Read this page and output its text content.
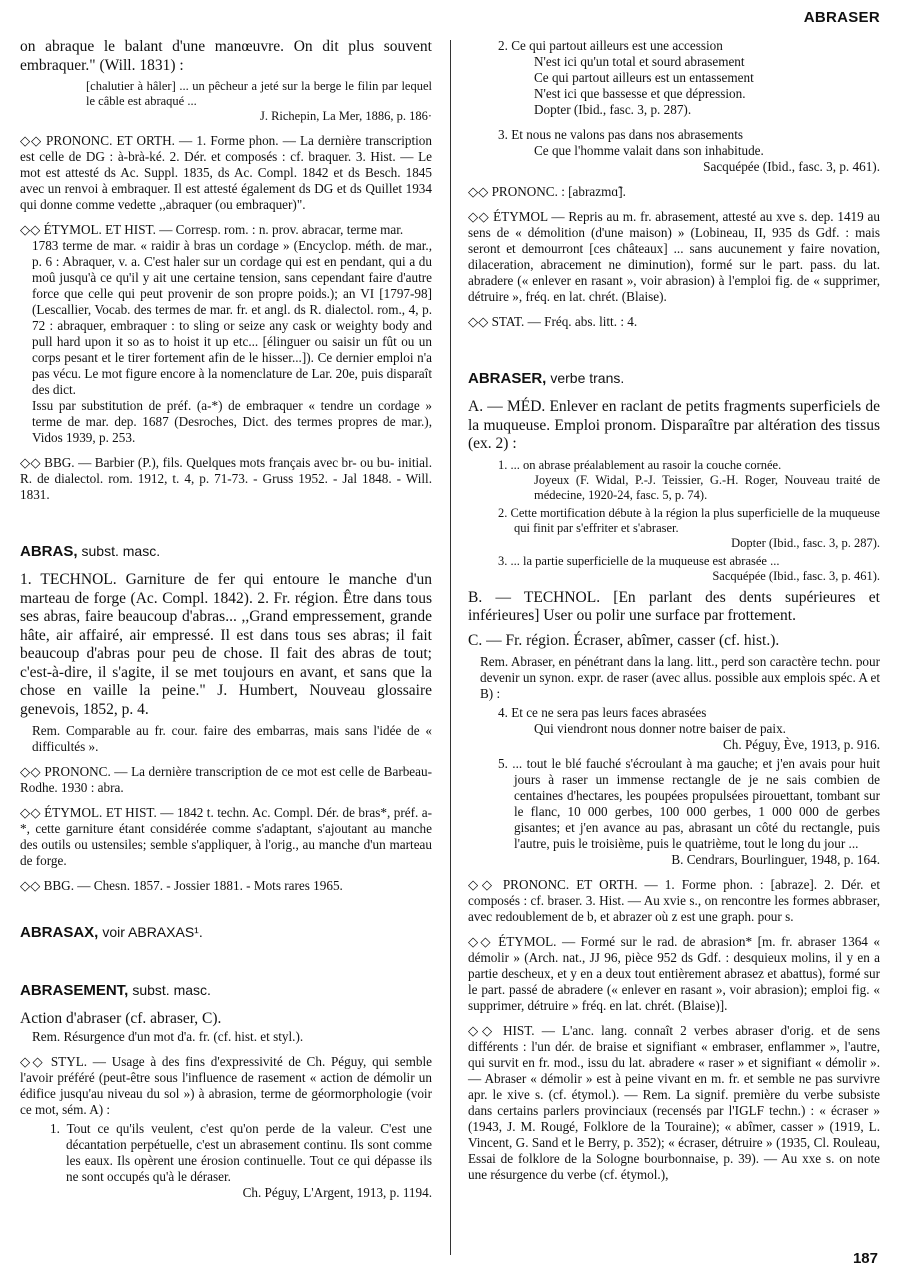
ABRASER

on abraque le balant d'une manœuvre. On dit plus souvent embraquer." (Will. 1831) :

[chalutier à hâler] ... un pêcheur a jeté sur la berge le filin par lequel le câble est abraqué ...

J. Richepin, La Mer, 1886, p. 186·

◇◇ PRONONC. ET ORTH. — 1. Forme phon. — La dernière transcription est celle de DG : à-brà-ké. 2. Dér. et composés : cf. braquer. 3. Hist. — Le mot est attesté ds Ac. Suppl. 1835, ds Ac. Compl. 1842 et ds Besch. 1845 avec un renvoi à embraquer. Il est attesté également ds DG et ds Quillet 1934 qui donne comme vedette ,,abraquer (ou embraquer)".

◇◇ ÉTYMOL. ET HIST. — Corresp. rom. : n. prov. abracar, terme mar.

1783 terme de mar. « raidir à bras un cordage » (Encyclop. méth. de mar., p. 6 : Abraquer, v. a. C'est haler sur un cordage qui est en pendant, qui a du moû jusqu'à ce qu'il y ait une certaine tension, sans cependant faire d'autre force que celle qui peut provenir de son propre poids.); an VI [1797-98] (Lescallier, Vocab. des termes de mar. fr. et angl. ds R. dialectol. rom., 4, p. 72 : abraquer, embraquer : to sling or seize any cask or weighty body and pull hard upon it so as to hoist it up etc... [élinguer ou saisir un fût ou un corps pesant et le tirer fortement afin de le hisser...]). Ce dernier emploi n'a pas vécu. Le mot figure encore à la nomenclature de Lar. 20e, puis disparaît des dict.

Issu par substitution de préf. (a-*) de embraquer « tendre un cordage » terme de mar. dep. 1687 (Desroches, Dict. des termes propres de mar.), Vidos 1939, p. 253.

◇◇ BBG. — Barbier (P.), fils. Quelques mots français avec br- ou bu- initial. R. de dialectol. rom. 1912, t. 4, p. 71-73. - Gruss 1952. - Jal 1848. - Will. 1831.

ABRAS, subst. masc.

1. TECHNOL. Garniture de fer qui entoure le manche d'un marteau de forge (Ac. Compl. 1842). 2. Fr. région. Être dans tous ses abras, faire beaucoup d'abras... ,,Grand empressement, grande hâte, air affairé, air empressé. Il est dans tous ses abras; il fait beaucoup d'abras pour peu de chose. Il fait des abras de tout; c'est-à-dire, il s'agite, il se met toujours en avant, et sans que la chose en vaille la peine." J. Humbert, Nouveau glossaire genevois, 1852, p. 4.

Rem. Comparable au fr. cour. faire des embarras, mais sans l'idée de « difficultés ».

◇◇ PRONONC. — La dernière transcription de ce mot est celle de Barbeau-Rodhe. 1930 : abra.

◇◇ ÉTYMOL. ET HIST. — 1842 t. techn. Ac. Compl. Dér. de bras*, préf. a-*, cette garniture étant considérée comme s'adaptant, s'ajoutant au manche des outils ou ustensiles; semble s'appliquer, à l'orig., au manche d'un marteau de forge.

◇◇ BBG. — Chesn. 1857. - Jossier 1881. - Mots rares 1965.

ABRASAX, voir ABRAXAS¹.

ABRASEMENT, subst. masc.

Action d'abraser (cf. abraser, C).

Rem. Résurgence d'un mot d'a. fr. (cf. hist. et styl.).

◇◇ STYL. — Usage à des fins d'expressivité de Ch. Péguy, qui semble l'avoir préféré (peut-être sous l'influence de rasement « action de démolir un édifice jusqu'au niveau du sol ») à abrasion, terme de géormorphologie (voir ce mot, sém. A) :

1. Tout ce qu'ils veulent, c'est qu'on perde de la valeur. C'est une décantation perpétuelle, c'est un abrasement continu. Ils sont comme les eaux. Ils opèrent une érosion continuelle. Tout ce qui dépasse ils ne sont occupés qu'à le déraser.

Ch. Péguy, L'Argent, 1913, p. 1194.

2. Ce qui partout ailleurs est une accession

N'est ici qu'un total et sourd abrasement

Ce qui partout ailleurs est un entassement

N'est ici que bassesse et que dépression.

Dopter (Ibid., fasc. 3, p. 287).

3. Et nous ne valons pas dans nos abrasements

Ce que l'homme valait dans son inhabitude.

Sacquépée (Ibid., fasc. 3, p. 461).

◇◇ PRONONC. : [abrazmɑ̃].

◇◇ ÉTYMOL — Repris au m. fr. abrasement, attesté au xve s. dep. 1419 au sens de « démolition (d'une maison) » (Lobineau, II, 935 ds Gdf. : mais seront et demourront [ces châteaux] ... sans aucunement y faire novation, dilaceration, abracement ne diminution), formé sur le part. pass. du lat. abradere (« enlever en rasant », voir abrasion) à l'emploi fig. de « supprimer, détruire », fréq. en lat. chrét. (Blaise).

◇◇ STAT. — Fréq. abs. litt. : 4.

ABRASER, verbe trans.

A. — MÉD. Enlever en raclant de petits fragments superficiels de la muqueuse. Emploi pronom. Disparaître par altération des tissus (ex. 2) :

1. ... on abrase préalablement au rasoir la couche cornée.

Joyeux (F. Widal, P.-J. Teissier, G.-H. Roger, Nouveau traité de médecine, 1920-24, fasc. 5, p. 74).

2. Cette mortification débute à la région la plus superficielle de la muqueuse qui finit par s'effriter et s'abraser.

Dopter (Ibid., fasc. 3, p. 287).

3. ... la partie superficielle de la muqueuse est abrasée ...

Sacquépée (Ibid., fasc. 3, p. 461).

B. — TECHNOL. [En parlant des dents supérieures et inférieures] User ou polir une surface par frottement.

C. — Fr. région. Écraser, abîmer, casser (cf. hist.).

Rem. Abraser, en pénétrant dans la lang. litt., perd son caractère techn. pour devenir un synon. expr. de raser (avec allus. possible aux emplois spéc. A et B) :

4. Et ce ne sera pas leurs faces abrasées

Qui viendront nous donner notre baiser de paix.

Ch. Péguy, Ève, 1913, p. 916.

5. ... tout le blé fauché s'écroulant à ma gauche; et j'en avais pour huit jours à raser un immense rectangle de je ne sais combien de centaines d'hectares, les poupées propulsées pirouettant, tombant sur le flanc, 10 000 gerbes, 100 000 gerbes, 1 000 000 de gerbes gisantes; et j'en avance au pas, abrasant un côté du rectangle, puis l'autre, puis le troisième, puis le quatrième, tout le long du jour ...

B. Cendrars, Bourlinguer, 1948, p. 164.

◇◇ PRONONC. ET ORTH. — 1. Forme phon. : [abraze]. 2. Dér. et composés : cf. braser. 3. Hist. — Au xvie s., on rencontre les formes abbraser, avec redoublement de b, et abrazer où z est une graph. pour s.

◇◇ ÉTYMOL. — Formé sur le rad. de abrasion* [m. fr. abraser 1364 « démolir » (Arch. nat., JJ 96, pièce 952 ds Gdf. : desquieux molins, il y en a partie descheux, et y en a deux tout entièrement abrasez et abattus), formé sur le part. passé de abradere (« enlever en rasant », voir abrasion); emploi fig. « supprimer, détruire » fréq. en lat. chrét. (Blaise)].

◇◇ HIST. — L'anc. lang. connaît 2 verbes abraser d'orig. et de sens différents : l'un dér. de braise et signifiant « embraser, enflammer », l'autre, qui survit en fr. mod., issu du lat. abradere « raser » et signifiant « démolir ». — Abraser « démolir » est à peine vivant en m. fr. et semble ne pas survivre apr. le xive s. (cf. étymol.). — Rem. La signif. première du verbe subsiste dans certains parlers provinciaux (recensés par l'IGLF techn.) : « écraser » (1943, J. M. Rougé, Folklore de la Touraine); « abîmer, casser » (1919, L. Vincent, G. Sand et le Berry, p. 352); « écraser, détruire » (1935, Cl. Rouleau, Essai de folklore de la Sologne bourbonnaise, p. 39). — Au xxe s. on note une résurgence du verbe (cf. étymol.),

187
